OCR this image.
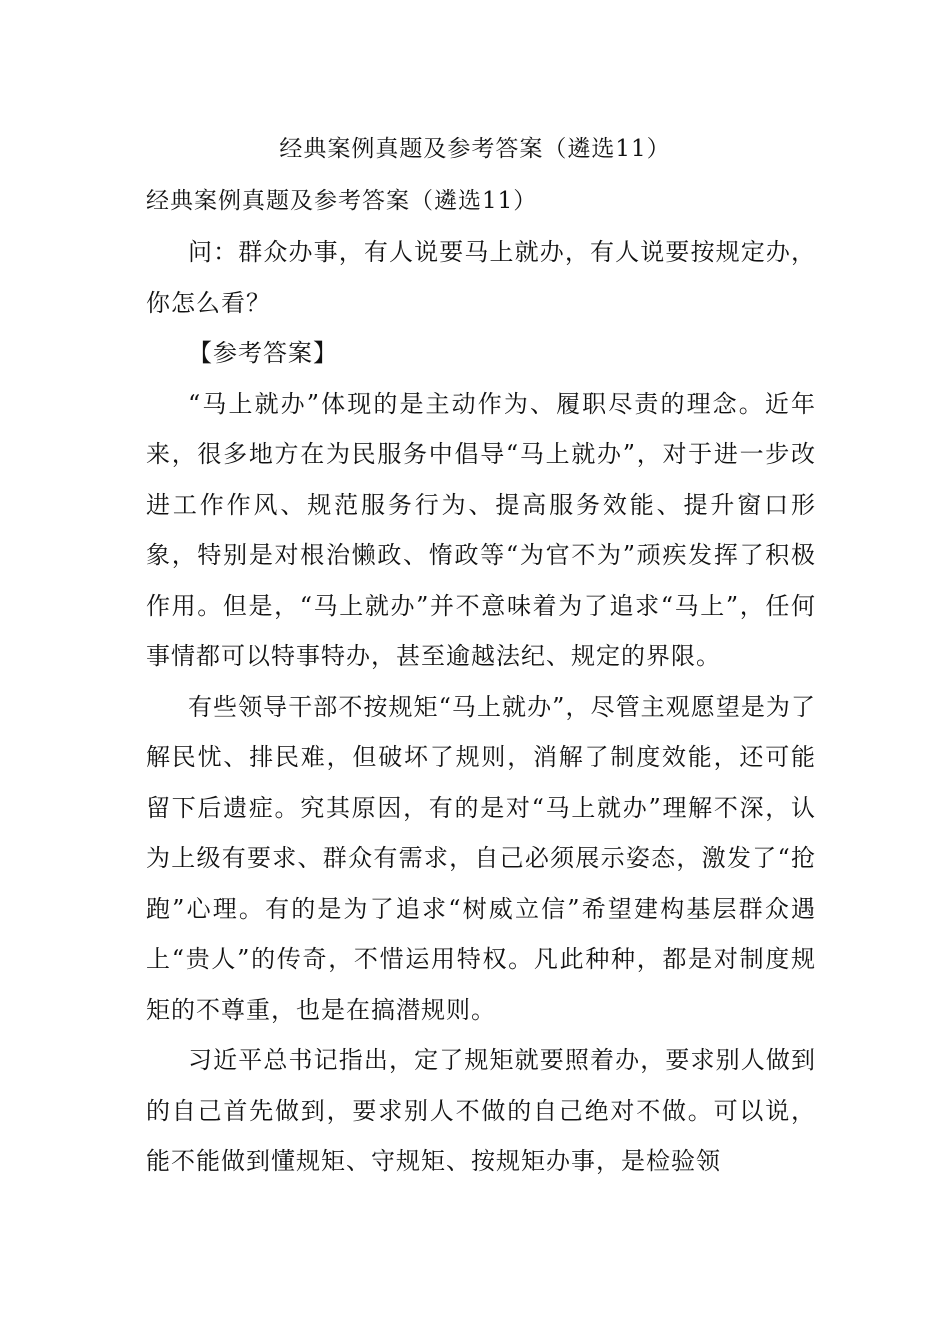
经典案例真题及参考答案（遴选11）

经典案例真题及参考答案（遴选11）

问：群众办事，有人说要马上就办，有人说要按规定办，你怎么看？

【参考答案】

“马上就办”体现的是主动作为、履职尽责的理念。近年来，很多地方在为民服务中倡导“马上就办”，对于进一步改进工作作风、规范服务行为、提高服务效能、提升窗口形象，特别是对根治懒政、惰政等“为官不为”顽疾发挥了积极作用。但是，“马上就办”并不意味着为了追求“马上”，任何事情都可以特事特办，甚至逾越法纪、规定的界限。

有些领导干部不按规矩“马上就办”，尽管主观愿望是为了解民忧、排民难，但破坏了规则，消解了制度效能，还可能留下后遗症。究其原因，有的是对“马上就办”理解不深，认为上级有要求、群众有需求，自己必须展示姿态，激发了“抢跑”心理。有的是为了追求“树威立信”希望建构基层群众遇上“贵人”的传奇，不惜运用特权。凡此种种，都是对制度规矩的不尊重，也是在搞潜规则。

习近平总书记指出，定了规矩就要照着办，要求别人做到的自己首先做到，要求别人不做的自己绝对不做。可以说，能不能做到懂规矩、守规矩、按规矩办事，是检验领
